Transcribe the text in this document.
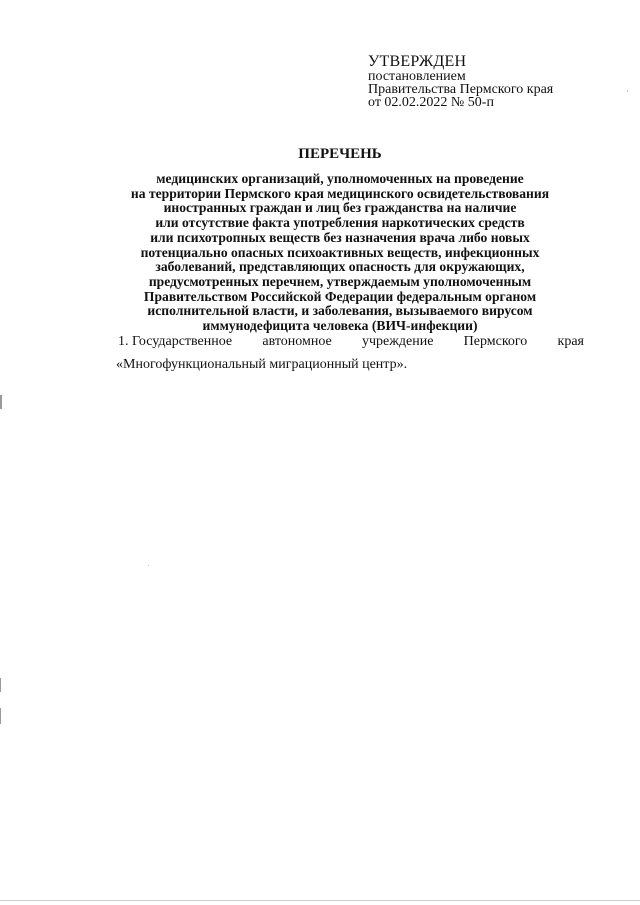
УТВЕРЖДЕН
постановлением
Правительства Пермского края
от 02.02.2022 № 50-п
ПЕРЕЧЕНЬ
медицинских организаций, уполномоченных на проведение
на территории Пермского края медицинского освидетельствования
иностранных граждан и лиц без гражданства на наличие
или отсутствие факта употребления наркотических средств
или психотропных веществ без назначения врача либо новых
потенциально опасных психоактивных веществ, инфекционных
заболеваний, представляющих опасность для окружающих,
предусмотренных перечнем, утверждаемым уполномоченным
Правительством Российской Федерации федеральным органом
исполнительной власти, и заболевания, вызываемого вирусом
иммунодефицита человека (ВИЧ-инфекции)
1. Государственное автономное учреждение Пермского края
«Многофункциональный миграционный центр».
